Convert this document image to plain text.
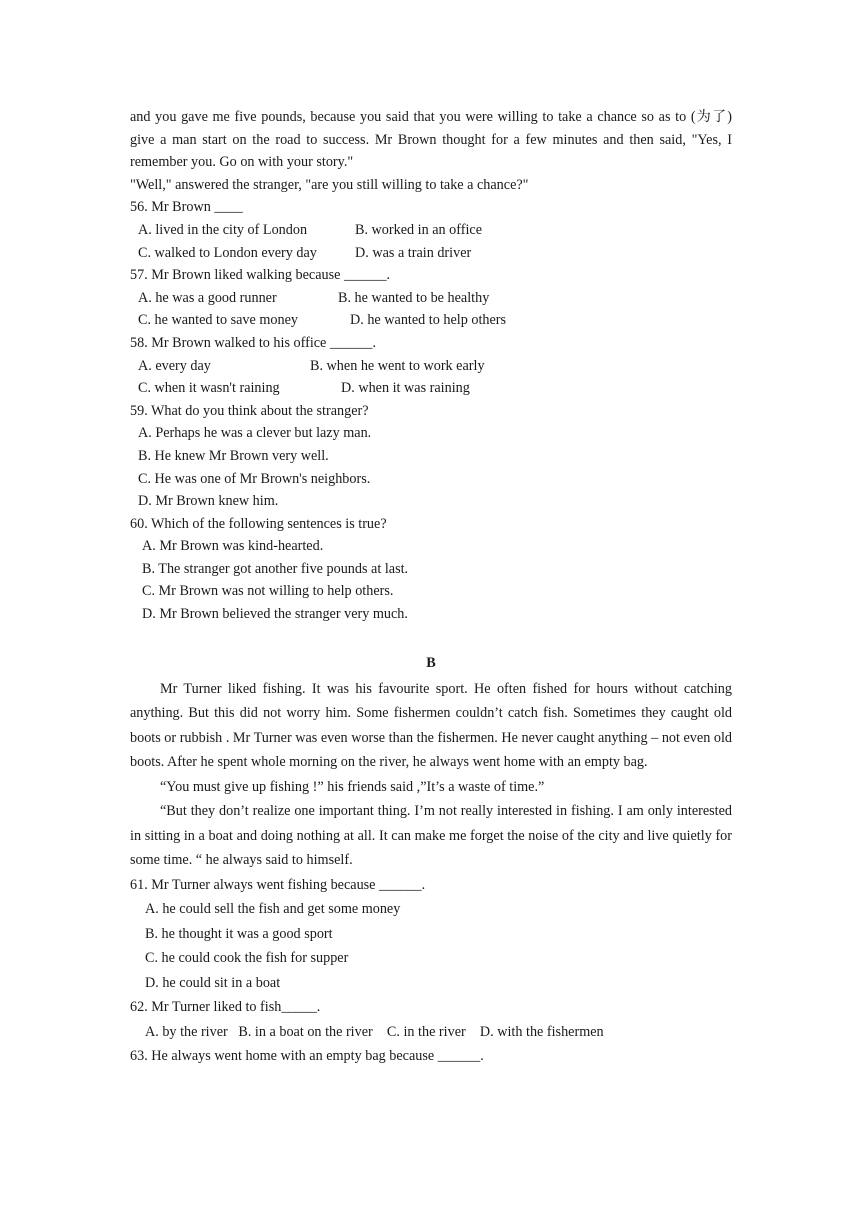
and you gave me five pounds, because you said that you were willing to take a chance so as to (为了) give a man start on the road to success. Mr Brown thought for a few minutes and then said, "Yes, I remember you. Go on with your story."

"Well," answered the stranger, "are you still willing to take a chance?"

56. Mr Brown ____

A. lived in the city of London	B. worked in an office

C. walked to London every day	D. was a train driver

57. Mr Brown liked walking because ______.

A. he was a good runner	B. he wanted to be healthy

C. he wanted to save money	D. he wanted to help others

58. Mr Brown walked to his office ______.

A. every day	B. when he went to work early

C. when it wasn't raining	D. when it was raining

59. What do you think about the stranger?

A. Perhaps he was a clever but lazy man.

B. He knew Mr Brown very well.

C. He was one of Mr Brown's neighbors.

D. Mr Brown knew him.

60. Which of the following sentences is true?

A. Mr Brown was kind-hearted.

B. The stranger got another five pounds at last.

C. Mr Brown was not willing to help others.

D. Mr Brown believed the stranger very much.

B

Mr Turner liked fishing. It was his favourite sport. He often fished for hours without catching anything. But this did not worry him. Some fishermen couldn’t catch fish. Sometimes they caught old boots or rubbish . Mr Turner was even worse than the fishermen. He never caught anything – not even old boots. After he spent whole morning on the river, he always went home with an empty bag.

“You must give up fishing !” his friends said ,”It’s a waste of time.”

“But they don’t realize one important thing. I’m not really interested in fishing. I am only interested in sitting in a boat and doing nothing at all. It can make me forget the noise of the city and live quietly for some time. “ he always said to himself.

61. Mr Turner always went fishing because ______.

A. he could sell the fish and get some money

B. he thought it was a good sport

C. he could cook the fish for supper

D. he could sit in a boat

62. Mr Turner liked to fish_____.

A. by the river   B. in a boat on the river    C. in the river    D. with the fishermen

63. He always went home with an empty bag because ______.
